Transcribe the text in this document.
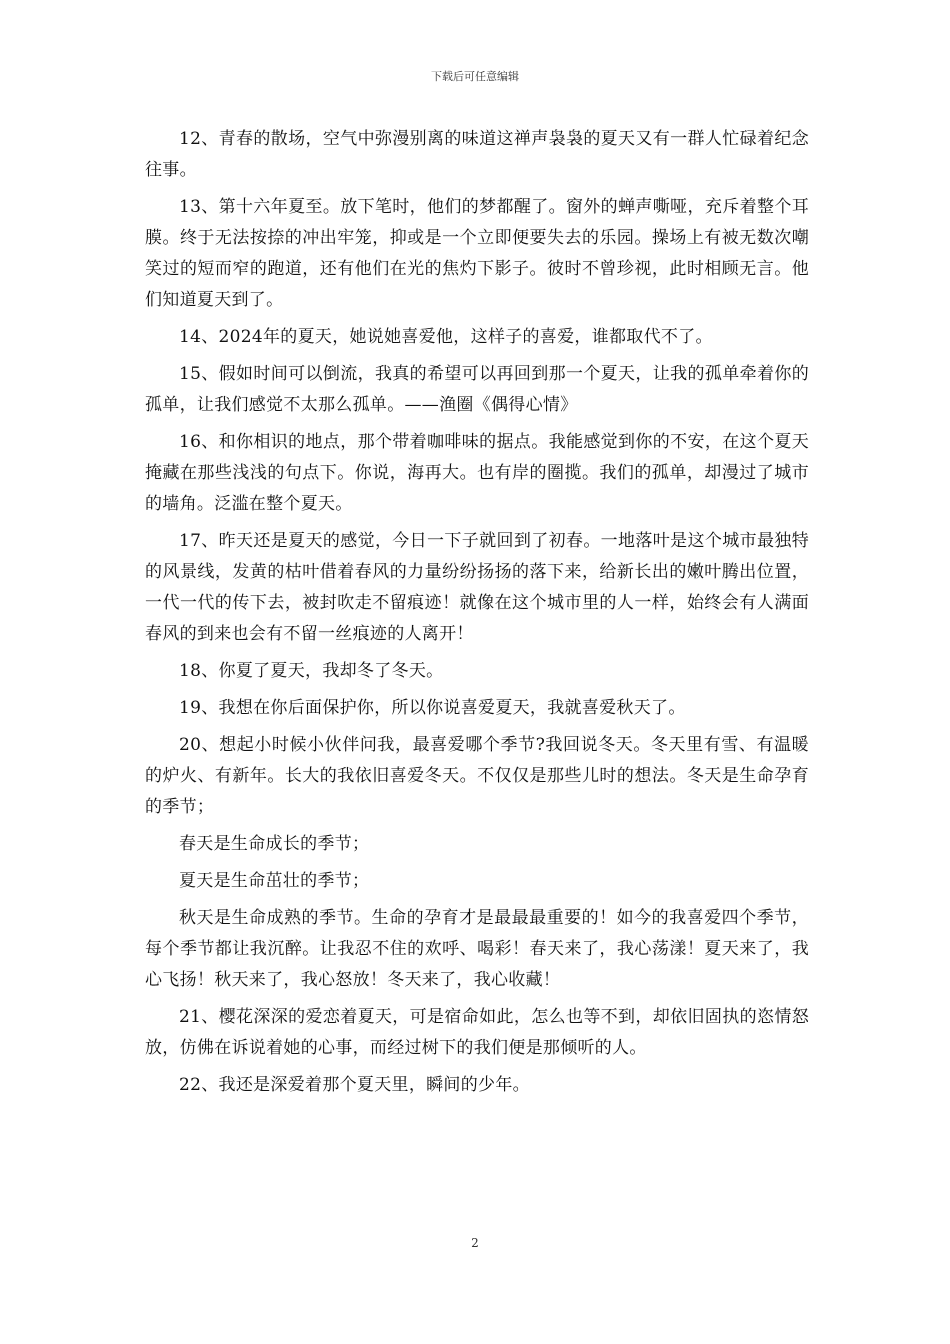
下载后可任意编辑

12、青春的散场，空气中弥漫别离的味道这禅声袅袅的夏天又有一群人忙碌着纪念往事。

13、第十六年夏至。放下笔时，他们的梦都醒了。窗外的蝉声嘶哑，充斥着整个耳膜。终于无法按捺的冲出牢笼，抑或是一个立即便要失去的乐园。操场上有被无数次嘲笑过的短而窄的跑道，还有他们在光的焦灼下影子。彼时不曾珍视，此时相顾无言。他们知道夏天到了。

14、2024年的夏天，她说她喜爱他，这样子的喜爱，谁都取代不了。

15、假如时间可以倒流，我真的希望可以再回到那一个夏天，让我的孤单牵着你的孤单，让我们感觉不太那么孤单。——渔圈《偶得心情》

16、和你相识的地点，那个带着咖啡味的据点。我能感觉到你的不安，在这个夏天掩藏在那些浅浅的句点下。你说，海再大。也有岸的圈揽。我们的孤单，却漫过了城市的墙角。泛滥在整个夏天。

17、昨天还是夏天的感觉，今日一下子就回到了初春。一地落叶是这个城市最独特的风景线，发黄的枯叶借着春风的力量纷纷扬扬的落下来，给新长出的嫩叶腾出位置，一代一代的传下去，被封吹走不留痕迹！就像在这个城市里的人一样，始终会有人满面春风的到来也会有不留一丝痕迹的人离开！

18、你夏了夏天，我却冬了冬天。

19、我想在你后面保护你，所以你说喜爱夏天，我就喜爱秋天了。

20、想起小时候小伙伴问我，最喜爱哪个季节?我回说冬天。冬天里有雪、有温暖的炉火、有新年。长大的我依旧喜爱冬天。不仅仅是那些儿时的想法。冬天是生命孕育的季节；

春天是生命成长的季节；

夏天是生命茁壮的季节；

秋天是生命成熟的季节。生命的孕育才是最最最重要的！如今的我喜爱四个季节，每个季节都让我沉醉。让我忍不住的欢呼、喝彩！春天来了，我心荡漾！夏天来了，我心飞扬！秋天来了，我心怒放！冬天来了，我心收藏！

21、樱花深深的爱恋着夏天，可是宿命如此，怎么也等不到，却依旧固执的恣情怒放，仿佛在诉说着她的心事，而经过树下的我们便是那倾听的人。

22、我还是深爱着那个夏天里，瞬间的少年。

2
